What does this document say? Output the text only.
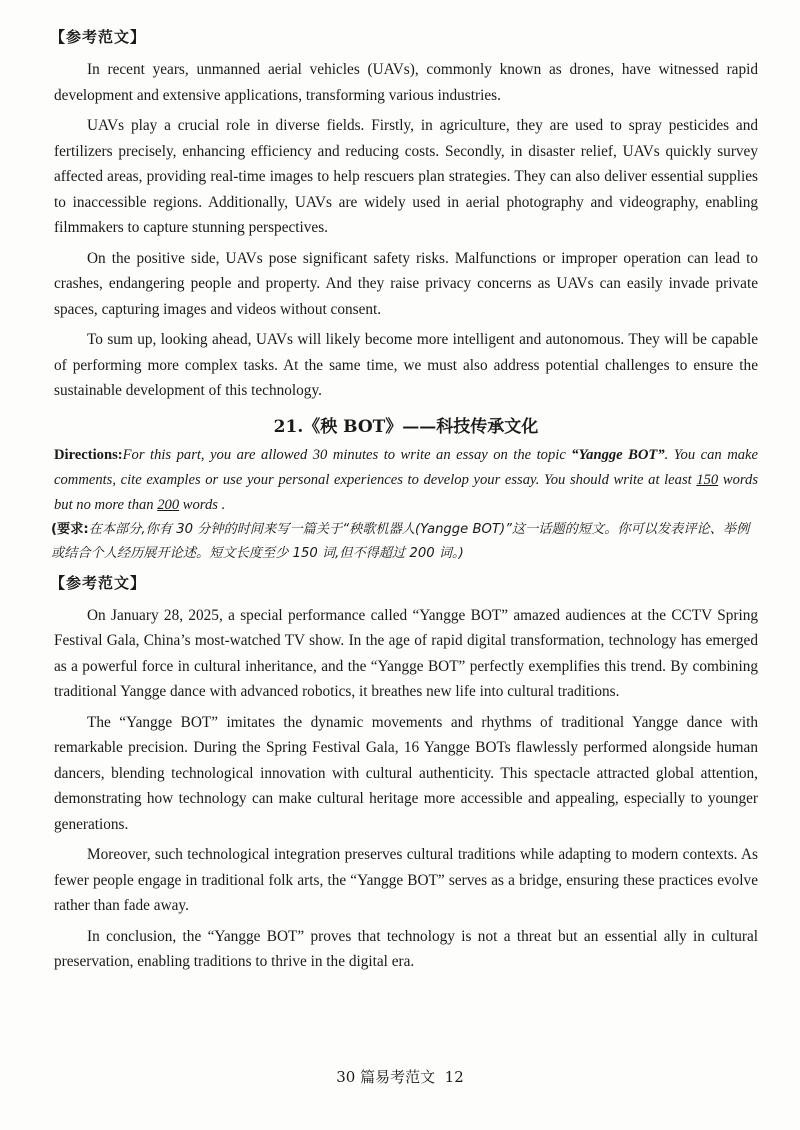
【参考范文】

In recent years, unmanned aerial vehicles (UAVs), commonly known as drones, have witnessed rapid development and extensive applications, transforming various industries.

UAVs play a crucial role in diverse fields. Firstly, in agriculture, they are used to spray pesticides and fertilizers precisely, enhancing efficiency and reducing costs. Secondly, in disaster relief, UAVs quickly survey affected areas, providing real-time images to help rescuers plan strategies. They can also deliver essential supplies to inaccessible regions. Additionally, UAVs are widely used in aerial photography and videography, enabling filmmakers to capture stunning perspectives.

On the positive side, UAVs pose significant safety risks. Malfunctions or improper operation can lead to crashes, endangering people and property. And they raise privacy concerns as UAVs can easily invade private spaces, capturing images and videos without consent.

To sum up, looking ahead, UAVs will likely become more intelligent and autonomous. They will be capable of performing more complex tasks. At the same time, we must also address potential challenges to ensure the sustainable development of this technology.

21.《秧 BOT》——科技传承文化

Directions:For this part, you are allowed 30 minutes to write an essay on the topic “Yangge BOT”. You can make comments, cite examples or use your personal experiences to develop your essay. You should write at least 150 words but no more than 200 words .

(要求:在本部分,你有 30 分钟的时间来写一篇关于“秧歌机器人(Yangge BOT)”这一话题的短文。你可以发表评论、举例或结合个人经历展开论述。短文长度至少 150 词,但不得超过 200 词。)

【参考范文】

On January 28, 2025, a special performance called “Yangge BOT” amazed audiences at the CCTV Spring Festival Gala, China’s most-watched TV show. In the age of rapid digital transformation, technology has emerged as a powerful force in cultural inheritance, and the “Yangge BOT” perfectly exemplifies this trend. By combining traditional Yangge dance with advanced robotics, it breathes new life into cultural traditions.

The “Yangge BOT” imitates the dynamic movements and rhythms of traditional Yangge dance with remarkable precision. During the Spring Festival Gala, 16 Yangge BOTs flawlessly performed alongside human dancers, blending technological innovation with cultural authenticity. This spectacle attracted global attention, demonstrating how technology can make cultural heritage more accessible and appealing, especially to younger generations.

Moreover, such technological integration preserves cultural traditions while adapting to modern contexts. As fewer people engage in traditional folk arts, the “Yangge BOT” serves as a bridge, ensuring these practices evolve rather than fade away.

In conclusion, the “Yangge BOT” proves that technology is not a threat but an essential ally in cultural preservation, enabling traditions to thrive in the digital era.

30 篇易考范文 12
